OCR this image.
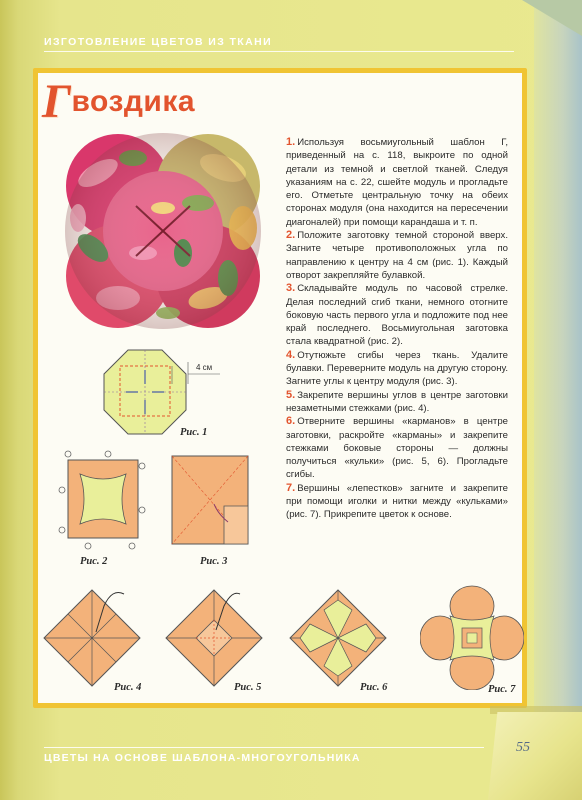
ИЗГОТОВЛЕНИЕ ЦВЕТОВ ИЗ ТКАНИ
Гвоздика

1. Используя восьмиугольный шаблон Г, приведенный на с. 118, выкроите по одной детали из темной и светлой тканей. Следуя указаниям на с. 22, сшейте модуль и прогладьте его. Отметьте центральную точку на обеих сторонах модуля (она находится на пересечении диагоналей) при помощи карандаша и т. п.

2. Положите заготовку темной стороной вверх. Загните четыре противоположных угла по направлению к центру на 4 см (рис. 1). Каждый отворот закрепляйте булавкой.

3. Складывайте модуль по часовой стрелке. Делая последний сгиб ткани, немного отогните боковую часть первого угла и подложите под нее край последнего. Восьмиугольная заготовка стала квадратной (рис. 2).

4. Отутюжьте сгибы через ткань. Удалите булавки. Переверните модуль на другую сторону. Загните углы к центру модуля (рис. 3).

5. Закрепите вершины углов в центре заготовки незаметными стежками (рис. 4).

6. Отверните вершины «карманов» в центре заготовки, раскройте «карманы» и закрепите стежками боковые стороны — должны получиться «кульки» (рис. 5, 6). Прогладьте сгибы.

7. Вершины «лепестков» загните и закрепите при помощи иголки и нитки между «кульками» (рис. 7). Прикрепите цветок к основе.

4 см
Рис. 1
Рис. 2	Рис. 3
Рис. 4	Рис. 5	Рис. 6	Рис. 7
ЦВЕТЫ НА ОСНОВЕ ШАБЛОНА-МНОГОУГОЛЬНИКА
55
